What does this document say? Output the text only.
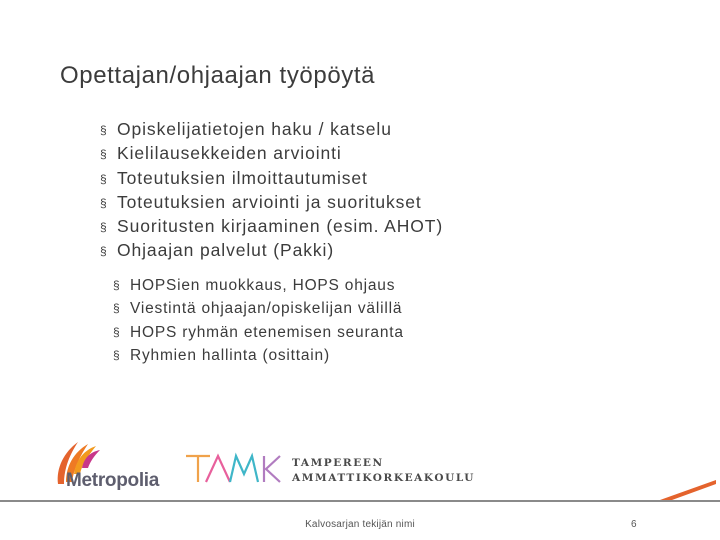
Opettajan/ohjaajan työpöytä
§ Opiskelijatietojen haku / katselu
§ Kielilausekkeiden arviointi
§ Toteutuksien ilmoittautumiset
§ Toteutuksien arviointi ja suoritukset
§ Suoritusten kirjaaminen (esim. AHOT)
§ Ohjaajan palvelut (Pakki)
§ HOPSien muokkaus, HOPS ohjaus
§ Viestintä ohjaajan/opiskelijan välillä
§ HOPS ryhmän etenemisen seuranta
§ Ryhmien hallinta (osittain)
Metropolia
TAMPEREEN
AMMATTIKORKEAKOULU
Kalvosarjan tekijän nimi	6
